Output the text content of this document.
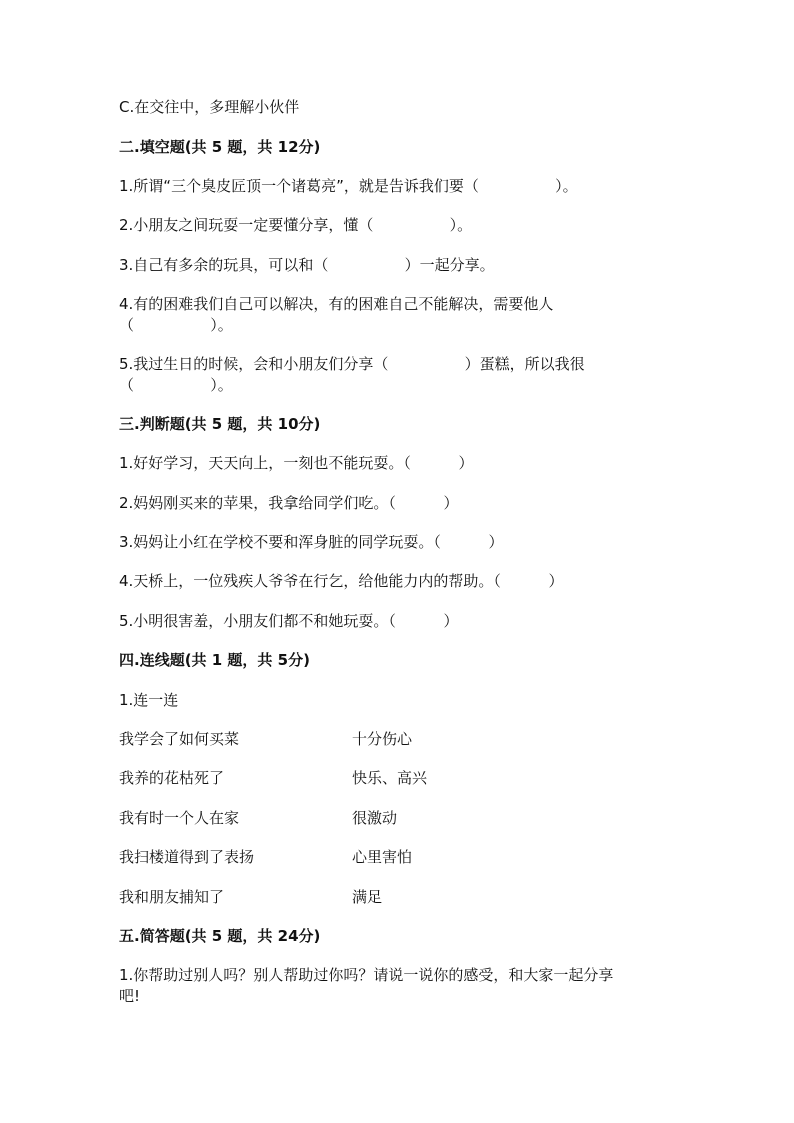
C.在交往中，多理解小伙伴
二.填空题(共 5 题，共 12分)
1.所谓“三个臭皮匠顶一个诸葛亮”，就是告诉我们要（                ）。
2.小朋友之间玩耍一定要懂分享，懂（                ）。
3.自己有多余的玩具，可以和（                ）一起分享。
4.有的困难我们自己可以解决，有的困难自己不能解决，需要他人
（                ）。
5.我过生日的时候，会和小朋友们分享（                ）蛋糕，所以我很
（                ）。
三.判断题(共 5 题，共 10分)
1.好好学习，天天向上，一刻也不能玩耍。（          ）
2.妈妈刚买来的苹果，我拿给同学们吃。（          ）
3.妈妈让小红在学校不要和浑身脏的同学玩耍。（          ）
4.天桥上，一位残疾人爷爷在行乞，给他能力内的帮助。（          ）
5.小明很害羞，小朋友们都不和她玩耍。（          ）
四.连线题(共 1 题，共 5分)
1.连一连
我学会了如何买菜	十分伤心
我养的花枯死了	快乐、高兴
我有时一个人在家	很激动
我扫楼道得到了表扬	心里害怕
我和朋友捕知了	满足
五.简答题(共 5 题，共 24分)
1.你帮助过别人吗？别人帮助过你吗？请说一说你的感受，和大家一起分享
吧!
